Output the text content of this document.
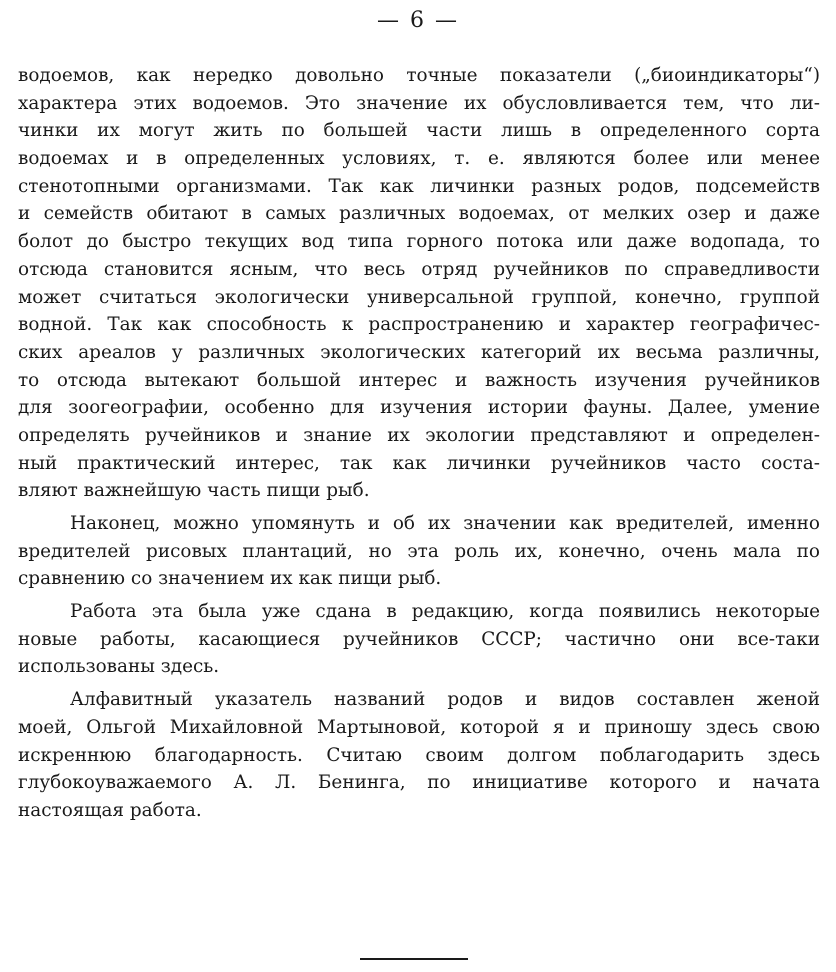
— 6 —
водоемов, как нередко довольно точные показатели („биоиндикаторы“)
характера этих водоемов. Это значение их обусловливается тем, что ли-
чинки их могут жить по большей части лишь в определенного сорта
водоемах и в определенных условиях, т. е. являются более или менее
стенотопными организмами. Так как личинки разных родов, подсемейств
и семейств обитают в самых различных водоемах, от мелких озер и даже
болот до быстро текущих вод типа горного потока или даже водопада, то
отсюда становится ясным, что весь отряд ручейников по справедливости
может считаться экологически универсальной группой, конечно, группой
водной. Так как способность к распространению и характер географичес-
ских ареалов у различных экологических категорий их весьма различны,
то отсюда вытекают большой интерес и важность изучения ручейников
для зоогеографии, особенно для изучения истории фауны. Далее, умение
определять ручейников и знание их экологии представляют и определен-
ный практический интерес, так как личинки ручейников часто соста-
вляют важнейшую часть пищи рыб.
Наконец, можно упомянуть и об их значении как вредителей, именно
вредителей рисовых плантаций, но эта роль их, конечно, очень мала по
сравнению со значением их как пищи рыб.
Работа эта была уже сдана в редакцию, когда появились некоторые
новые работы, касающиеся ручейников СССР; частично они все-таки
использованы здесь.
Алфавитный указатель названий родов и видов составлен женой
моей, Ольгой Михайловной Мартыновой, которой я и приношу здесь свою
искреннюю благодарность. Считаю своим долгом поблагодарить здесь
глубокоуважаемого А. Л. Бенинга, по инициативе которого и начата
настоящая работа.
